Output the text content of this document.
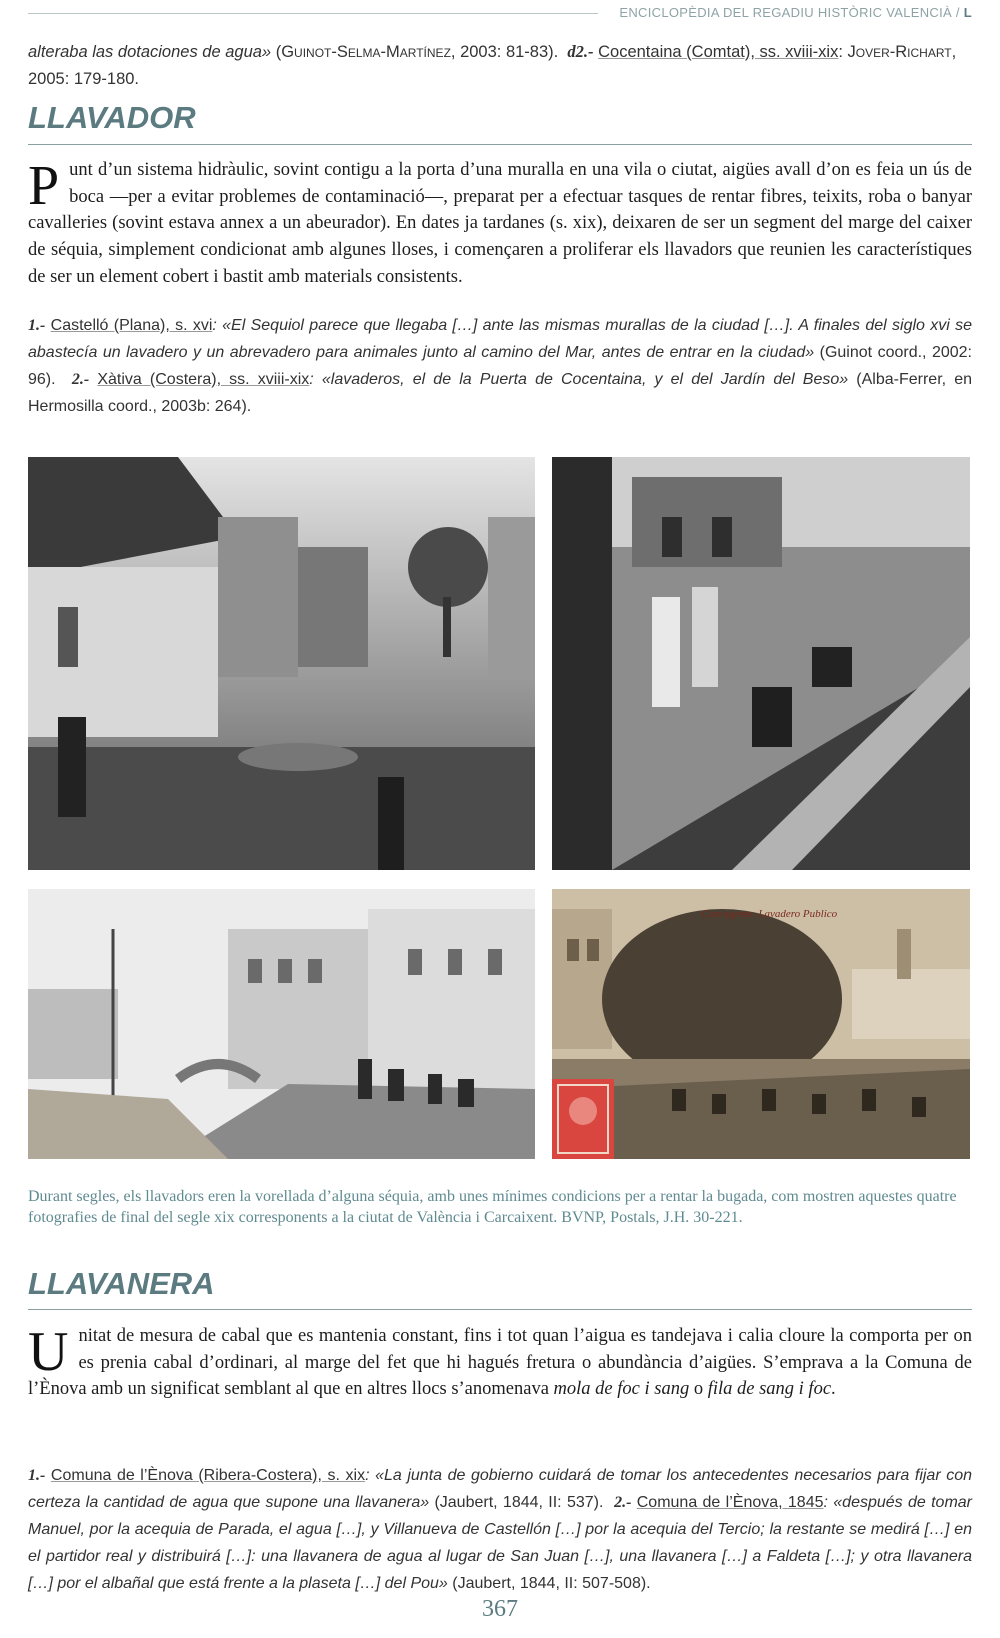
ENCICLOPÈDIA DEL REGADIU HISTÒRIC VALENCIÀ / L
alteraba las dotaciones de agua» (Guinot-Selma-Martínez, 2003: 81-83). d2.- Cocentaina (Comtat), ss. xviii-xix: Jover-Richart, 2005: 179-180.
LLAVADOR
Punt d’un sistema hidràulic, sovint contigu a la porta d’una muralla en una vila o ciutat, aigües avall d’on es feia un ús de boca —per a evitar problemes de contaminació—, preparat per a efectuar tasques de rentar fibres, teixits, roba o banyar cavalleries (sovint estava annex a un abeurador). En dates ja tardanes (s. xix), deixaren de ser un segment del marge del caixer de séquia, simplement condicionat amb algunes lloses, i començaren a proliferar els llavadors que reunien les característiques de ser un element cobert i bastit amb materials consistents.
1.- Castelló (Plana), s. xvi: «El Sequiol parece que llegaba […] ante las mismas murallas de la ciudad […]. A finales del siglo xvi se abastecía un lavadero y un abrevadero para animales junto al camino del Mar, antes de entrar en la ciudad» (Guinot coord., 2002: 96). 2.- Xàtiva (Costera), ss. xviii-xix: «lavaderos, el de la Puerta de Cocentaina, y el del Jardín del Beso» (Alba-Ferrer, en Hermosilla coord., 2003b: 264).
Carcagente. Lavadero Publico
Durant segles, els llavadors eren la vorellada d’alguna séquia, amb unes mínimes condicions per a rentar la bugada, com mostren aquestes quatre fotografies de final del segle xix corresponents a la ciutat de València i Carcaixent. BVNP, Postals, J.H. 30-221.
LLAVANERA
Unitat de mesura de cabal que es mantenia constant, fins i tot quan l’aigua es tandejava i calia cloure la comporta per on es prenia cabal d’ordinari, al marge del fet que hi hagués fretura o abundància d’aigües. S’emprava a la Comuna de l’Ènova amb un significat semblant al que en altres llocs s’anomenava mola de foc i sang o fila de sang i foc.
1.- Comuna de l’Ènova (Ribera-Costera), s. xix: «La junta de gobierno cuidará de tomar los antecedentes necesarios para fijar con certeza la cantidad de agua que supone una llavanera» (Jaubert, 1844, II: 537). 2.- Comuna de l’Ènova, 1845: «después de tomar Manuel, por la acequia de Parada, el agua […], y Villanueva de Castellón […] por la acequia del Tercio; la restante se medirá […] en el partidor real y distribuirá […]: una llavanera de agua al lugar de San Juan […], una llavanera […] a Faldeta […]; y otra llavanera […] por el albañal que está frente a la plaseta […] del Pou» (Jaubert, 1844, II: 507-508).
367
